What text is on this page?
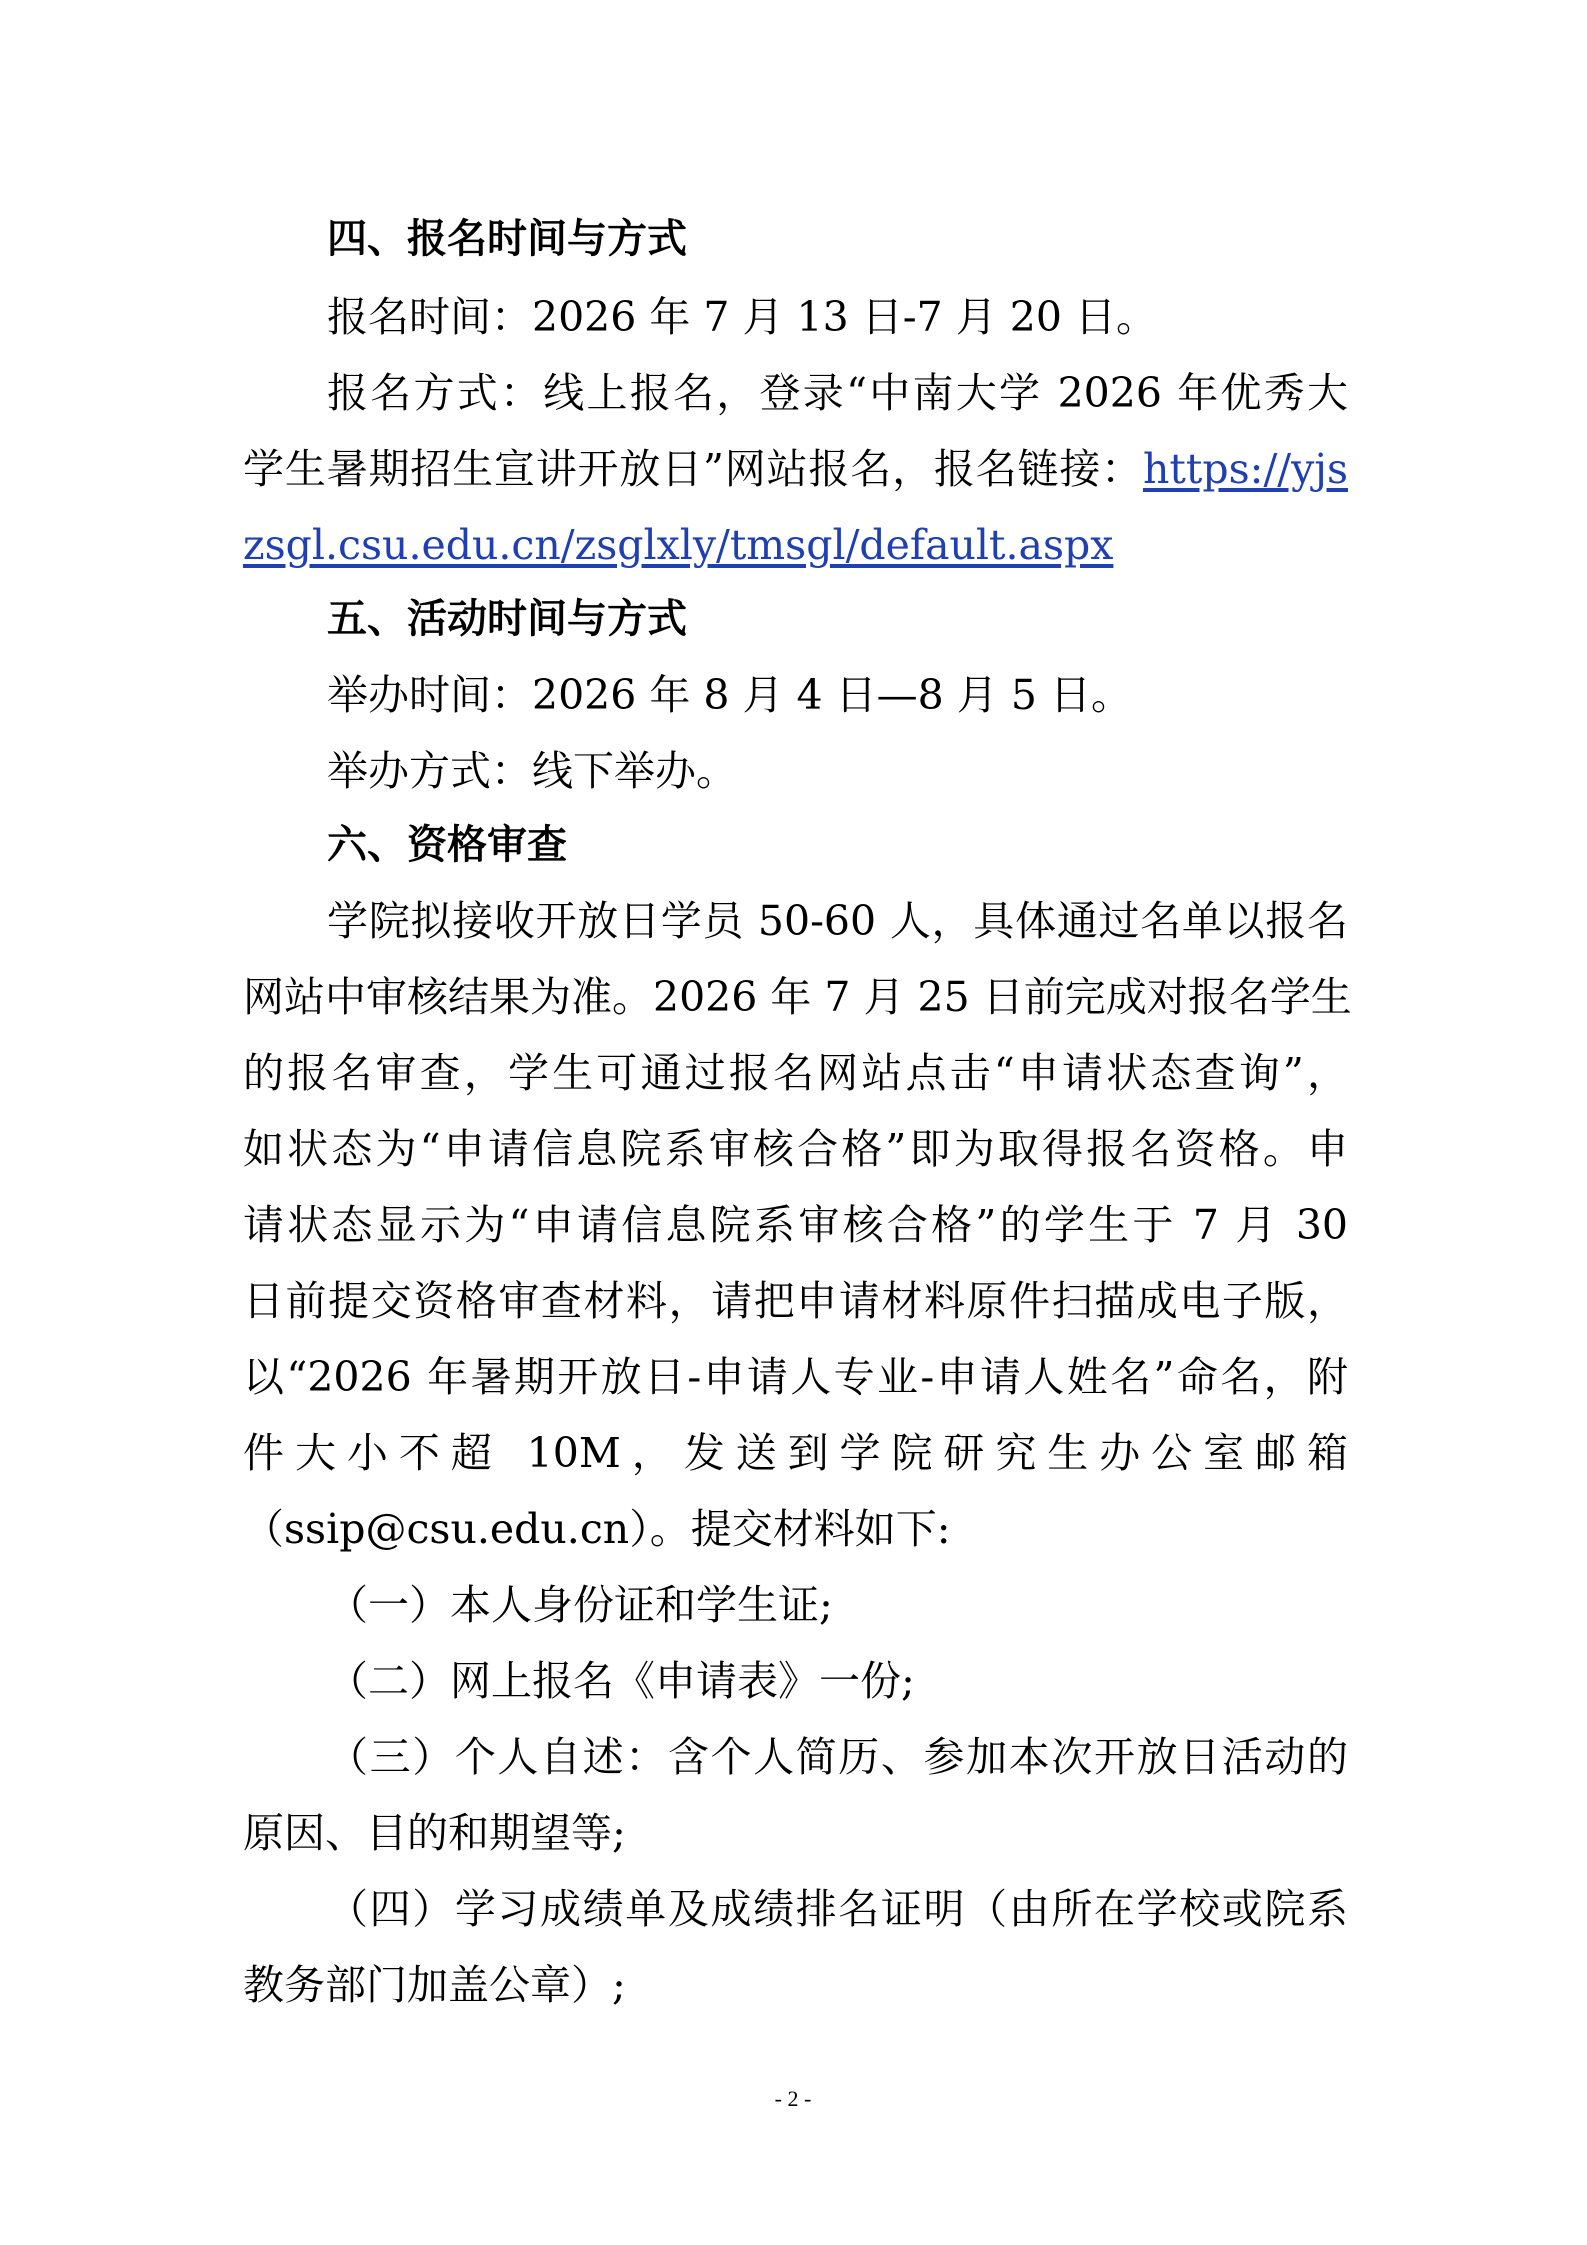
四、报名时间与方式
报名时间：2026 年 7 月 13 日-7 月 20 日。
报名方式：线上报名，登录“中南大学 2026 年优秀大
学生暑期招生宣讲开放日”网站报名，报名链接：https://yjs
zsgl.csu.edu.cn/zsglxly/tmsgl/default.aspx
五、活动时间与方式
举办时间：2026 年 8 月 4 日—8 月 5 日。
举办方式：线下举办。
六、资格审查
学院拟接收开放日学员 50-60 人，具体通过名单以报名
网站中审核结果为准。2026 年 7 月 25 日前完成对报名学生
的报名审查，学生可通过报名网站点击“申请状态查询”，
如状态为“申请信息院系审核合格”即为取得报名资格。申
请状态显示为“申请信息院系审核合格”的学生于 7 月 30
日前提交资格审查材料，请把申请材料原件扫描成电子版，
以“2026 年暑期开放日-申请人专业-申请人姓名”命名，附
件大小不超 10M，发送到学院研究生办公室邮箱
（ssip@csu.edu.cn）。提交材料如下:
（一）本人身份证和学生证;
（二）网上报名《申请表》一份;
（三）个人自述：含个人简历、参加本次开放日活动的
原因、目的和期望等;
（四）学习成绩单及成绩排名证明（由所在学校或院系
教务部门加盖公章）;
- 2 -
